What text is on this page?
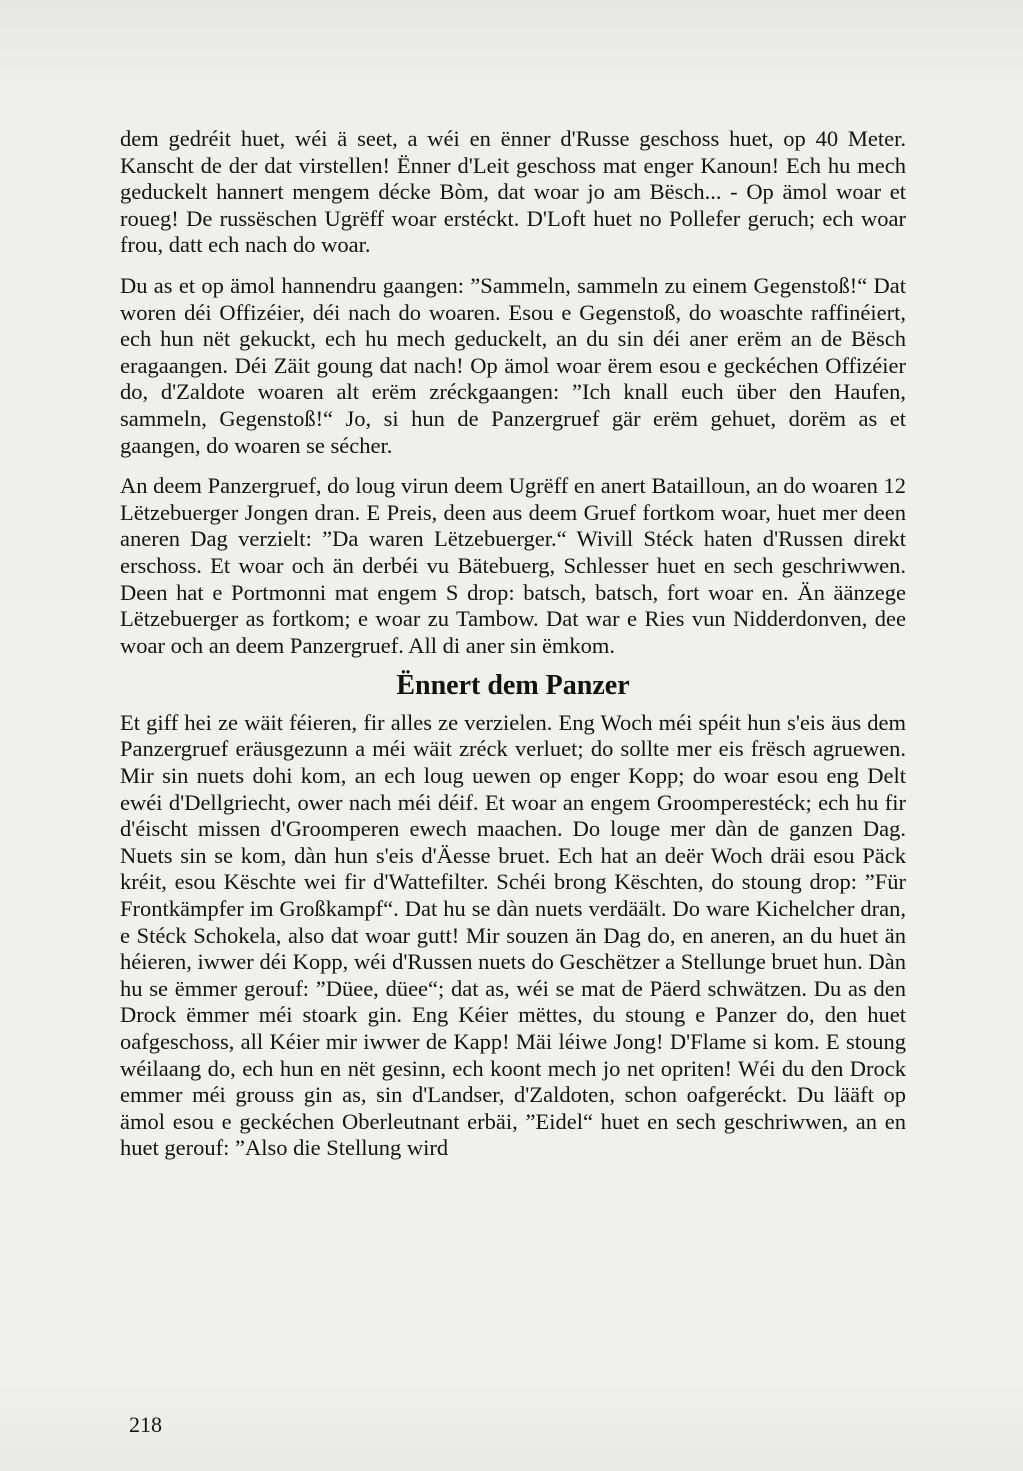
dem gedréit huet, wéi ä seet, a wéi en ënner d'Russe geschoss huet, op 40 Meter. Kanscht de der dat virstellen! Ënner d'Leit geschoss mat enger Kanoun! Ech hu mech geduckelt hannert mengem décke Bòm, dat woar jo am Bësch... - Op ämol woar et roueg! De russëschen Ugrëff woar erstéckt. D'Loft huet no Pollefer geruch; ech woar frou, datt ech nach do woar.

Du as et op ämol hannendru gaangen: ”Sammeln, sammeln zu einem Gegenstoß!“ Dat woren déi Offizéier, déi nach do woaren. Esou e Gegenstoß, do woaschte raffinéiert, ech hun nët gekuckt, ech hu mech geduckelt, an du sin déi aner erëm an de Bësch eragaangen. Déi Zäit goung dat nach! Op ämol woar ërem esou e geckéchen Offizéier do, d'Zaldote woaren alt erëm zréckgaangen: ”Ich knall euch über den Haufen, sammeln, Gegenstoß!“ Jo, si hun de Panzergruef gär erëm gehuet, dorëm as et gaangen, do woaren se sécher.

An deem Panzergruef, do loug virun deem Ugrëff en anert Batailloun, an do woaren 12 Lëtzebuerger Jongen dran. E Preis, deen aus deem Gruef fortkom woar, huet mer deen aneren Dag verzielt: ”Da waren Lëtzebuerger.“ Wivill Stéck haten d'Russen direkt erschoss. Et woar och än derbéi vu Bätebuerg, Schlesser huet en sech geschriwwen. Deen hat e Portmonni mat engem S drop: batsch, batsch, fort woar en. Än äänzege Lëtzebuerger as fortkom; e woar zu Tambow. Dat war e Ries vun Nidderdonven, dee woar och an deem Panzergruef. All di aner sin ëmkom.

Ënnert dem Panzer

Et giff hei ze wäit féieren, fir alles ze verzielen. Eng Woch méi spéit hun s'eis äus dem Panzergruef eräusgezunn a méi wäit zréck verluet; do sollte mer eis frësch agruewen. Mir sin nuets dohi kom, an ech loug uewen op enger Kopp; do woar esou eng Delt ewéi d'Dellgriecht, ower nach méi déif. Et woar an engem Groomperestéck; ech hu fir d'éischt missen d'Groomperen ewech maachen. Do louge mer dàn de ganzen Dag. Nuets sin se kom, dàn hun s'eis d'Äesse bruet. Ech hat an deër Woch dräi esou Päck kréit, esou Këschte wei fir d'Wattefilter. Schéi brong Këschten, do stoung drop: ”Für Frontkämpfer im Großkampf“. Dat hu se dàn nuets verdäält. Do ware Kichelcher dran, e Stéck Schokela, also dat woar gutt! Mir souzen än Dag do, en aneren, an du huet än héieren, iwwer déi Kopp, wéi d'Russen nuets do Geschëtzer a Stellunge bruet hun. Dàn hu se ëmmer gerouf: ”Düee, düee“; dat as, wéi se mat de Päerd schwätzen. Du as den Drock ëmmer méi stoark gin. Eng Kéier mëttes, du stoung e Panzer do, den huet oafgeschoss, all Kéier mir iwwer de Kapp! Mäi léiwe Jong! D'Flame si kom. E stoung wéilaang do, ech hun en nët gesinn, ech koont mech jo net opriten! Wéi du den Drock emmer méi grouss gin as, sin d'Landser, d'Zaldoten, schon oafgeréckt. Du lääft op ämol esou e geckéchen Oberleutnant erbäi, ”Eidel“ huet en sech geschriwwen, an en huet gerouf: ”Also die Stellung wird

218
